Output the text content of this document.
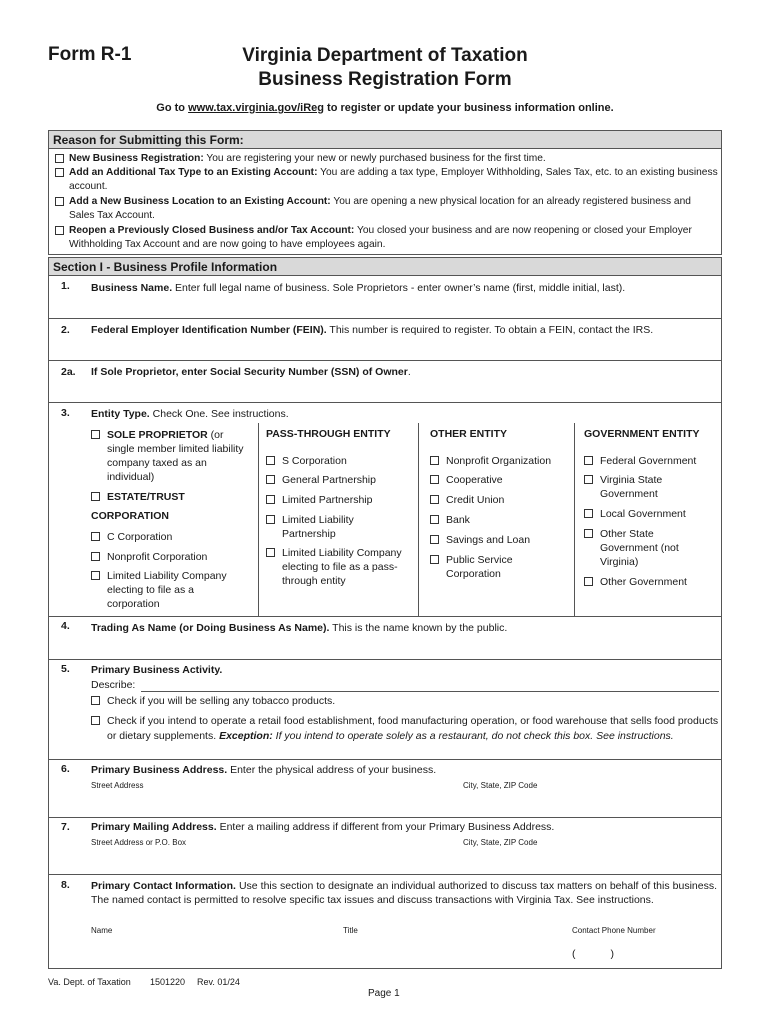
Form R-1	Virginia Department of Taxation
Business Registration Form
Go to www.tax.virginia.gov/iReg to register or update your business information online.
Reason for Submitting this Form:
New Business Registration: You are registering your new or newly purchased business for the first time.
Add an Additional Tax Type to an Existing Account: You are adding a tax type, Employer Withholding, Sales Tax, etc. to an existing business account.
Add a New Business Location to an Existing Account: You are opening a new physical location for an already registered business and Sales Tax Account.
Reopen a Previously Closed Business and/or Tax Account: You closed your business and are now reopening or closed your Employer Withholding Tax Account and are now going to have employees again.
Section I - Business Profile Information
1. Business Name. Enter full legal name of business. Sole Proprietors - enter owner’s name (first, middle initial, last).
2. Federal Employer Identification Number (FEIN). This number is required to register. To obtain a FEIN, contact the IRS.
2a. If Sole Proprietor, enter Social Security Number (SSN) of Owner.
3. Entity Type. Check One. See instructions.
SOLE PROPRIETOR (or single member limited liability company taxed as an individual)
ESTATE/TRUST
CORPORATION
C Corporation
Nonprofit Corporation
Limited Liability Company electing to file as a corporation
PASS-THROUGH ENTITY
S Corporation
General Partnership
Limited Partnership
Limited Liability Partnership
Limited Liability Company electing to file as a pass-through entity
OTHER ENTITY
Nonprofit Organization
Cooperative
Credit Union
Bank
Savings and Loan
Public Service Corporation
GOVERNMENT ENTITY
Federal Government
Virginia State Government
Local Government
Other State Government (not Virginia)
Other Government
4. Trading As Name (or Doing Business As Name). This is the name known by the public.
5. Primary Business Activity.
Describe:
Check if you will be selling any tobacco products.
Check if you intend to operate a retail food establishment, food manufacturing operation, or food warehouse that sells food products or dietary supplements. Exception: If you intend to operate solely as a restaurant, do not check this box. See instructions.
6. Primary Business Address. Enter the physical address of your business.
Street Address	City, State, ZIP Code
7. Primary Mailing Address. Enter a mailing address if different from your Primary Business Address.
Street Address or P.O. Box	City, State, ZIP Code
8. Primary Contact Information. Use this section to designate an individual authorized to discuss tax matters on behalf of this business. The named contact is permitted to resolve specific tax issues and discuss transactions with Virginia Tax. See instructions.
Name	Title	Contact Phone Number
(            )
Va. Dept. of Taxation 1501220 Rev. 01/24
Page 1
